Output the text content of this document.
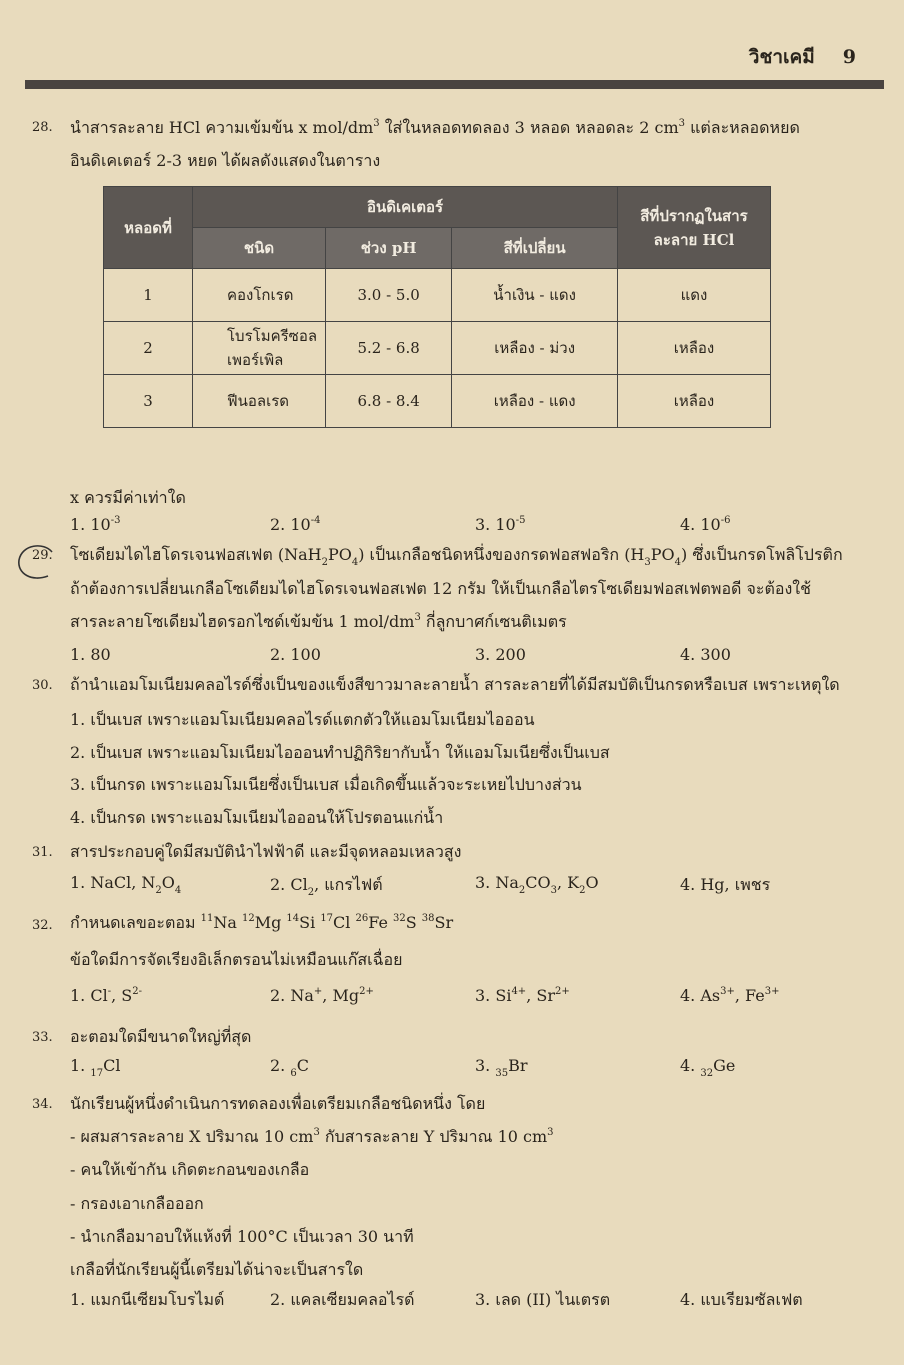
วิชาเคมี 9
28. นำสารละลาย HCl ความเข้มข้น x mol/$dm^3$ ใส่ในหลอดทดลอง 3 หลอด หลอดละ 2 $cm^3$ แต่ละหลอดหยด
อินดิเคเตอร์ 2-3 หยด ได้ผลดังแสดงในตาราง
หลอดที่	อินดิเคเตอร์			สีที่ปรากฏในสาร ละลาย HCl
	ชนิด	ช่วง pH	สีที่เปลี่ยน	
1	คองโกเรด	3.0 - 5.0	น้ำเงิน - แดง	แดง
2	โบรโมครีซอล เพอร์เพิล	5.2 - 6.8	เหลือง - ม่วง	เหลือง
3	ฟีนอลเรด	6.8 - 8.4	เหลือง - แดง	เหลือง
x ควรมีค่าเท่าใด
29. โซเดียมไดไฮโดรเจนฟอสเฟต $(NaH_2PO_4)$ เป็นเกลือชนิดหนึ่งของกรดฟอสฟอริก $(H_3PO_4)$ ซึ่งเป็นกรดโพลิโปรติก
ถ้าต้องการเปลี่ยนเกลือโซเดียมไดไฮโดรเจนฟอสเฟต 12 กรัม ให้เป็นเกลือไตรโซเดียมฟอสเฟตพอดี จะต้องใช้
สารละลายโซเดียมไฮดรอกไซด์เข้มข้น 1 mol/$dm^3$ กี่ลูกบาศก์เซนติเมตร
30. ถ้านำแอมโมเนียมคลอไรด์ซึ่งเป็นของแข็งสีขาวมาละลายน้ำ สารละลายที่ได้มีสมบัติเป็นกรดหรือเบส เพราะเหตุใด
31. สารประกอบคู่ใดมีสมบัตินำไฟฟ้าดี และมีจุดหลอมเหลวสูง
32. กำหนดเลขอะตอม $^{11}$Na $^{12}$Mg $^{14}$Si $^{17}$Cl $^{26}$Fe $^{32}$S $^{38}$Sr
ข้อใดมีการจัดเรียงอิเล็กตรอนไม่เหมือนแก๊สเฉื่อย
33. อะตอมใดมีขนาดใหญ่ที่สุด
34. นักเรียนผู้หนึ่งดำเนินการทดลองเพื่อเตรียมเกลือชนิดหนึ่ง โดย
- ผสมสารละลาย X ปริมาณ 10 $cm^3$ กับสารละลาย Y ปริมาณ 10 $cm^3$
- คนให้เข้ากัน เกิดตะกอนของเกลือ
- กรองเอาเกลือออก
- นำเกลือมาอบให้แห้งที่ 100°C เป็นเวลา 30 นาที
เกลือที่นักเรียนผู้นี้เตรียมได้น่าจะเป็นสารใด
1. $10^{-3}$	2. $10^{-4}$	3. $10^{-5}$	4. $10^{-6}$
1. 80	2. 100	3. 200	4. 300
1. เป็นเบส เพราะแอมโมเนียมคลอไรด์แตกตัวให้แอมโมเนียมไอออน
2. เป็นเบส เพราะแอมโมเนียมไอออนทำปฏิกิริยากับน้ำ ให้แอมโมเนียซึ่งเป็นเบส
3. เป็นกรด เพราะแอมโมเนียซึ่งเป็นเบส เมื่อเกิดขึ้นแล้วจะระเหยไปบางส่วน
4. เป็นกรด เพราะแอมโมเนียมไอออนให้โปรตอนแก่น้ำ
1. NaCl, $N_2O_4$	2. $Cl_2$, แกรไฟต์	3. $Na_2CO_3$, $K_2O$	4. Hg, เพชร
1. Cl-, $S^{2-}$	2. Na+, $Mg^{2+}$	3. $Si^{4+}$, $Sr^{2+}$	4. $As^{3+}$, $Fe^{3+}$
1. $_{17}$Cl	2. $_6$C	3. $_{35}$Br	4. $_{32}$Ge
1. แมกนีเซียมโบรไมด์	2. แคลเซียมคลอไรด์	3. เลด (II) ไนเตรต	4. แบเรียมซัลเฟต
